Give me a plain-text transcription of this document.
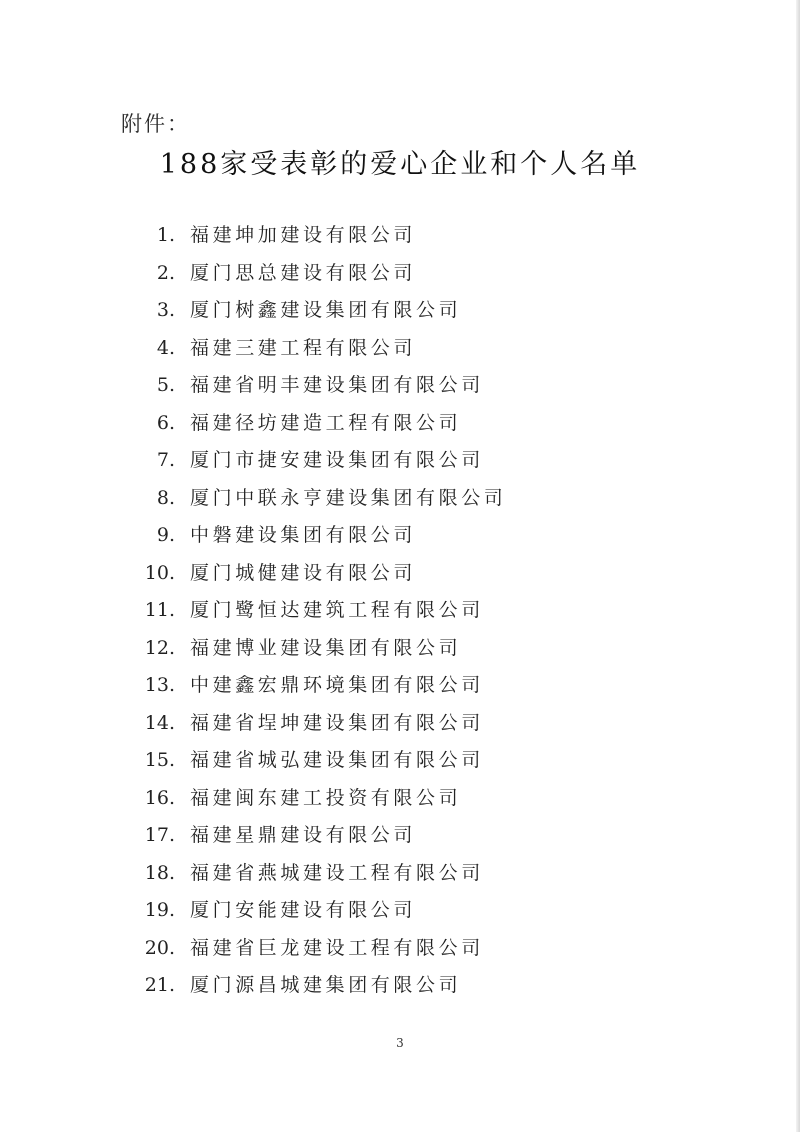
附件：
188家受表彰的爱心企业和个人名单
1. 福建坤加建设有限公司
2. 厦门思总建设有限公司
3. 厦门树鑫建设集团有限公司
4. 福建三建工程有限公司
5. 福建省明丰建设集团有限公司
6. 福建径坊建造工程有限公司
7. 厦门市捷安建设集团有限公司
8. 厦门中联永亨建设集团有限公司
9. 中磐建设集团有限公司
10. 厦门城健建设有限公司
11. 厦门鹭恒达建筑工程有限公司
12. 福建博业建设集团有限公司
13. 中建鑫宏鼎环境集团有限公司
14. 福建省埕坤建设集团有限公司
15. 福建省城弘建设集团有限公司
16. 福建闽东建工投资有限公司
17. 福建星鼎建设有限公司
18. 福建省燕城建设工程有限公司
19. 厦门安能建设有限公司
20. 福建省巨龙建设工程有限公司
21. 厦门源昌城建集团有限公司
3
